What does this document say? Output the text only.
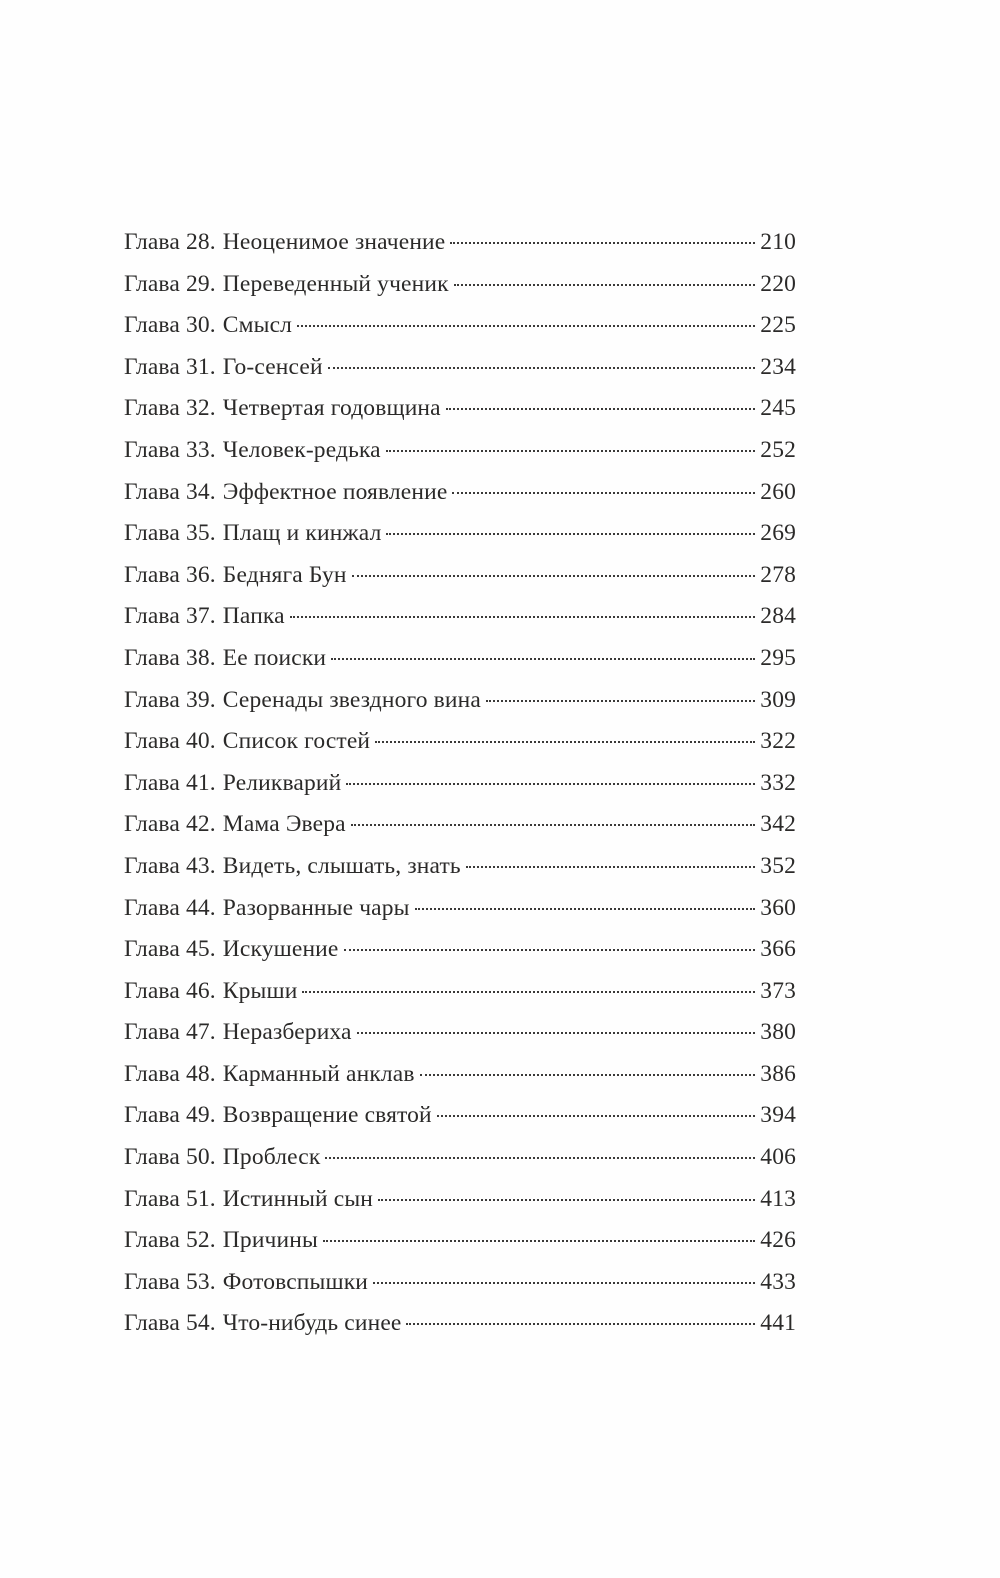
Глава 28. Неоценимое значение	210
Глава 29. Переведенный ученик	220
Глава 30. Смысл	225
Глава 31. Го-сенсей	234
Глава 32. Четвертая годовщина	245
Глава 33. Человек-редька	252
Глава 34. Эффектное появление	260
Глава 35. Плащ и кинжал	269
Глава 36. Бедняга Бун	278
Глава 37. Папка	284
Глава 38. Ее поиски	295
Глава 39. Серенады звездного вина	309
Глава 40. Список гостей	322
Глава 41. Реликварий	332
Глава 42. Мама Эвера	342
Глава 43. Видеть, слышать, знать	352
Глава 44. Разорванные чары	360
Глава 45. Искушение	366
Глава 46. Крыши	373
Глава 47. Неразбериха	380
Глава 48. Карманный анклав	386
Глава 49. Возвращение святой	394
Глава 50. Проблеск	406
Глава 51. Истинный сын	413
Глава 52. Причины	426
Глава 53. Фотовспышки	433
Глава 54. Что-нибудь синее	441
